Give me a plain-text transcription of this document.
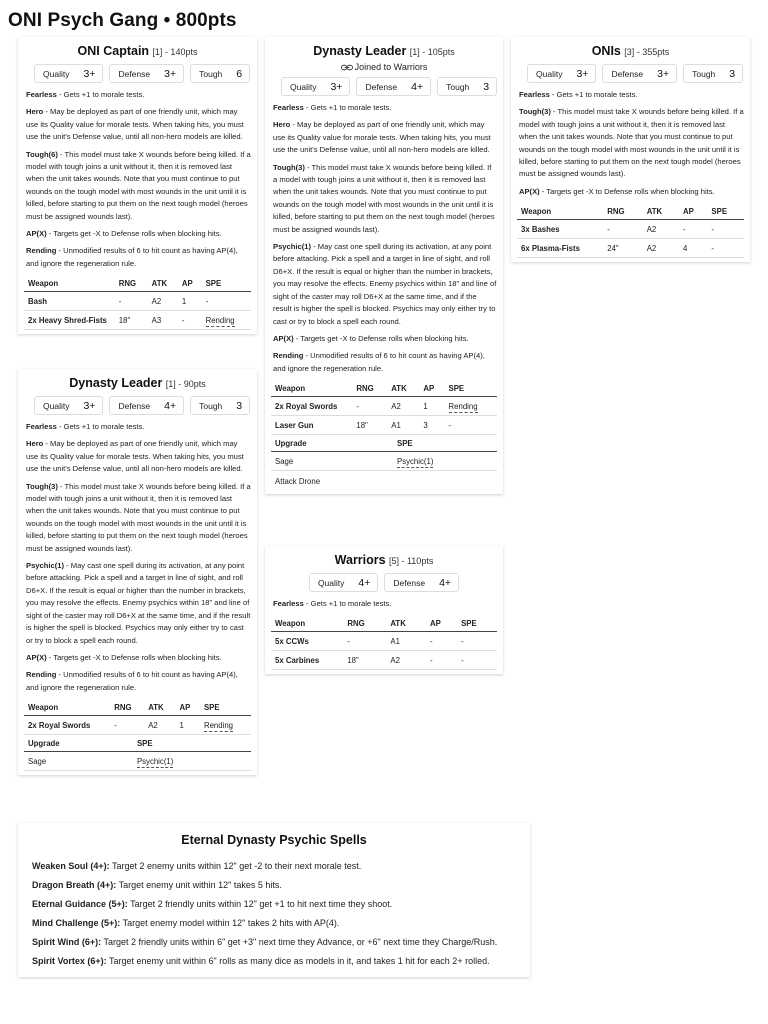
ONI Psych Gang • 800pts
ONI Captain [1] - 140pts
Quality 3+	Defense 3+	Tough 6

Fearless - Gets +1 to morale tests.

Hero - May be deployed as part of one friendly unit, which may use its Quality value for morale tests. When taking hits, you must use the unit's Defense value, until all non-hero models are killed.

Tough(6) - This model must take X wounds before being killed. If a model with tough joins a unit without it, then it is removed last when the unit takes wounds. Note that you must continue to put wounds on the tough model with most wounds in the unit until it is killed, before starting to put them on the next tough model (heroes must be assigned wounds last).

AP(X) - Targets get -X to Defense rolls when blocking hits.

Rending - Unmodified results of 6 to hit count as having AP(4), and ignore the regeneration rule.

Weapon	RNG	ATK	AP	SPE
Bash	-	A2	1	-
2x Heavy Shred-Fists	18"	A3	-	Rending
Dynasty Leader [1] - 90pts
Quality 3+	Defense 4+	Tough 3

Fearless - Gets +1 to morale tests.

Hero - May be deployed as part of one friendly unit, which may use its Quality value for morale tests. When taking hits, you must use the unit's Defense value, until all non-hero models are killed.

Tough(3) - This model must take X wounds before being killed. If a model with tough joins a unit without it, then it is removed last when the unit takes wounds. Note that you must continue to put wounds on the tough model with most wounds in the unit until it is killed, before starting to put them on the next tough model (heroes must be assigned wounds last).

Psychic(1) - May cast one spell during its activation, at any point before attacking. Pick a spell and a target in line of sight, and roll D6+X. If the result is equal or higher than the number in brackets, you may resolve the effects. Enemy psychics within 18" and line of sight of the caster may roll D6+X at the same time, and if the result is higher the spell is blocked. Psychics may only either try to cast or try to block a spell each round.

AP(X) - Targets get -X to Defense rolls when blocking hits.

Rending - Unmodified results of 6 to hit count as having AP(4), and ignore the regeneration rule.

Weapon	RNG	ATK	AP	SPE
2x Royal Swords	-	A2	1	Rending
Upgrade	SPE
Sage	Psychic(1)
Dynasty Leader [1] - 105pts
Joined to Warriors
Quality 3+	Defense 4+	Tough 3

Fearless - Gets +1 to morale tests.

Hero - May be deployed as part of one friendly unit, which may use its Quality value for morale tests. When taking hits, you must use the unit's Defense value, until all non-hero models are killed.

Tough(3) - This model must take X wounds before being killed. If a model with tough joins a unit without it, then it is removed last when the unit takes wounds. Note that you must continue to put wounds on the tough model with most wounds in the unit until it is killed, before starting to put them on the next tough model (heroes must be assigned wounds last).

Psychic(1) - May cast one spell during its activation, at any point before attacking. Pick a spell and a target in line of sight, and roll D6+X. If the result is equal or higher than the number in brackets, you may resolve the effects. Enemy psychics within 18" and line of sight of the caster may roll D6+X at the same time, and if the result is higher the spell is blocked. Psychics may only either try to cast or try to block a spell each round.

AP(X) - Targets get -X to Defense rolls when blocking hits.

Rending - Unmodified results of 6 to hit count as having AP(4), and ignore the regeneration rule.

Weapon	RNG	ATK	AP	SPE
2x Royal Swords	-	A2	1	Rending
Laser Gun	18"	A1	3	-
Upgrade	SPE
Sage	Psychic(1)
Attack Drone
Warriors [5] - 110pts
Quality 4+	Defense 4+

Fearless - Gets +1 to morale tests.

Weapon	RNG	ATK	AP	SPE
5x CCWs	-	A1	-	-
5x Carbines	18"	A2	-	-
ONIs [3] - 355pts
Quality 3+	Defense 3+	Tough 3

Fearless - Gets +1 to morale tests.

Tough(3) - This model must take X wounds before being killed. If a model with tough joins a unit without it, then it is removed last when the unit takes wounds. Note that you must continue to put wounds on the tough model with most wounds in the unit until it is killed, before starting to put them on the next tough model (heroes must be assigned wounds last).

AP(X) - Targets get -X to Defense rolls when blocking hits.

Weapon	RNG	ATK	AP	SPE
3x Bashes	-	A2	-	-
6x Plasma-Fists	24"	A2	4	-
Eternal Dynasty Psychic Spells
Weaken Soul (4+): Target 2 enemy units within 12" get -2 to their next morale test.
Dragon Breath (4+): Target enemy unit within 12" takes 5 hits.
Eternal Guidance (5+): Target 2 friendly units within 12" get +1 to hit next time they shoot.
Mind Challenge (5+): Target enemy model within 12" takes 2 hits with AP(4).
Spirit Wind (6+): Target 2 friendly units within 6" get +3" next time they Advance, or +6" next time they Charge/Rush.
Spirit Vortex (6+): Target enemy unit within 6" rolls as many dice as models in it, and takes 1 hit for each 2+ rolled.
